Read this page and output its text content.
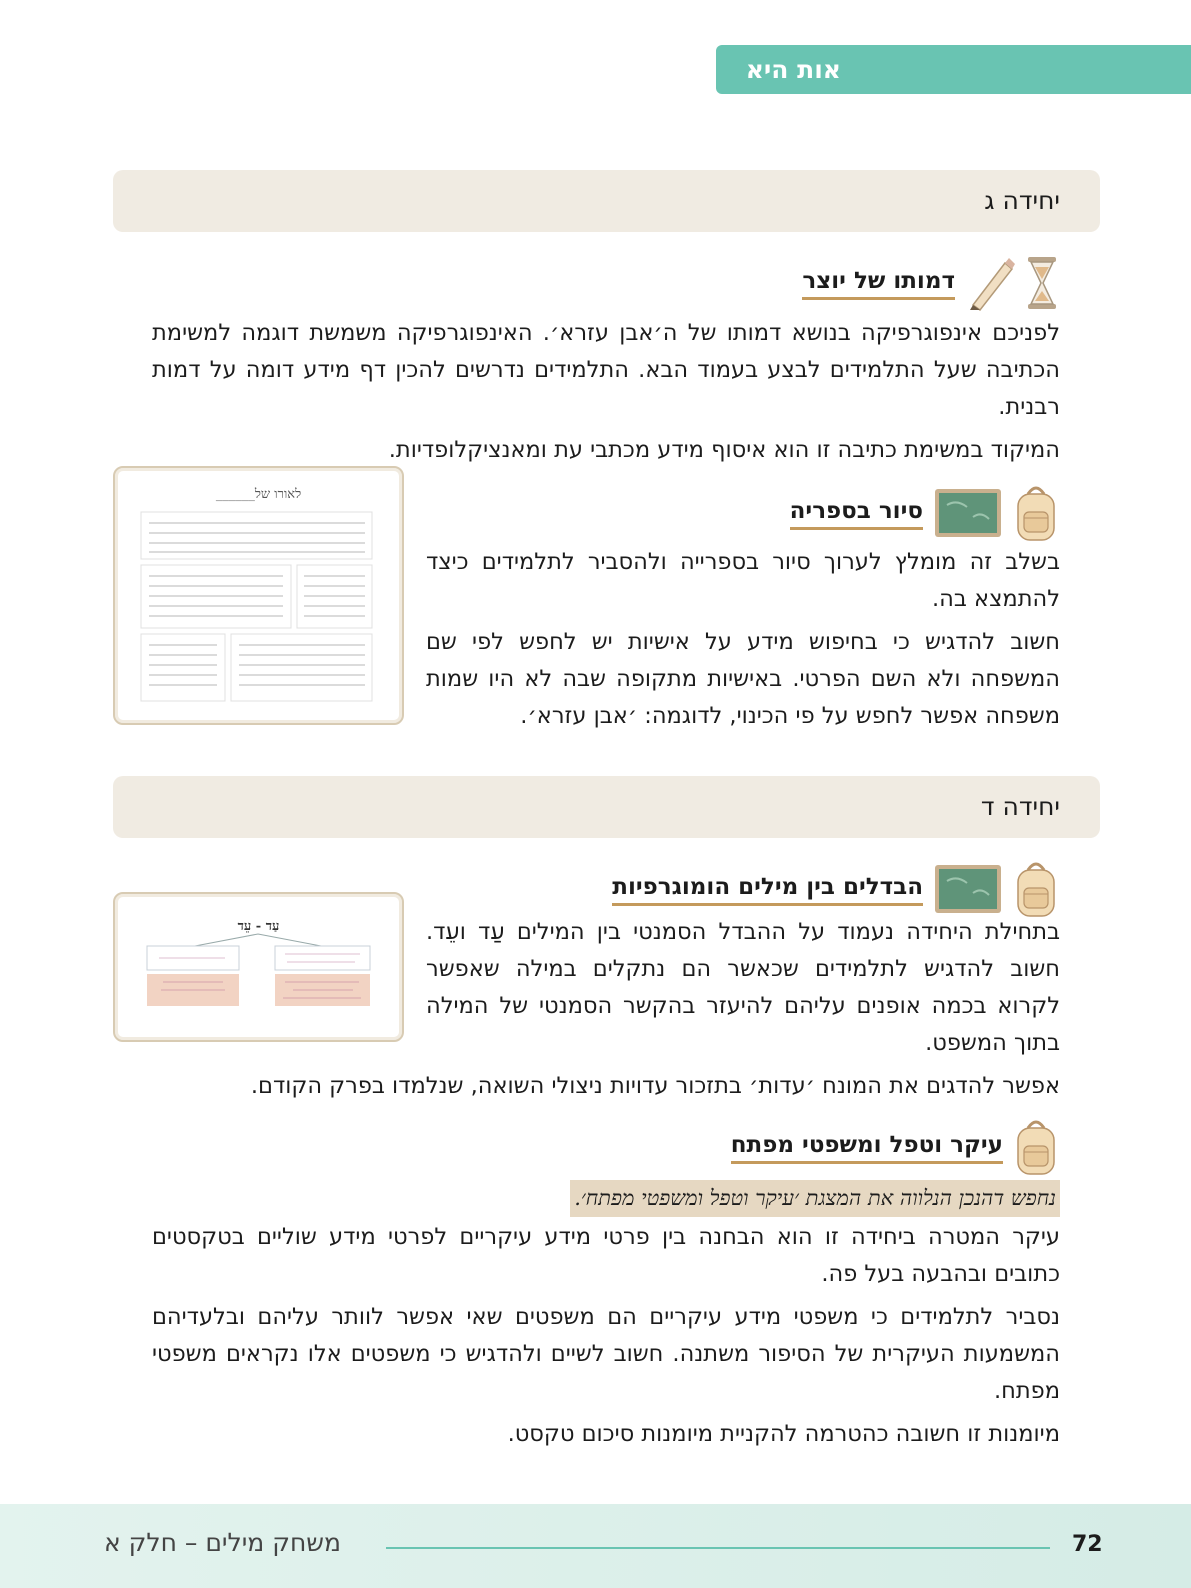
אות היא
יחידה ג
דמותו של יוצר

לפניכם אינפוגרפיקה בנושא דמותו של ה׳אבן עזרא׳. האינפוגרפיקה משמשת דוגמה למשימת הכתיבה שעל התלמידים לבצע בעמוד הבא. התלמידים נדרשים להכין דף מידע דומה על דמות רבנית.

המיקוד במשימת כתיבה זו הוא איסוף מידע מכתבי עת ומאנציקלופדיות.

לאורו של______
סיור בספריה

בשלב זה מומלץ לערוך סיור בספרייה ולהסביר לתלמידים כיצד להתמצא בה.

חשוב להדגיש כי בחיפוש מידע על אישיות יש לחפש לפי שם המשפחה ולא השם הפרטי. באישיות מתקופה שבה לא היו שמות משפחה אפשר לחפש על פי הכינוי, לדוגמה: ׳אבן עזרא׳.

יחידה ד
הבדלים בין מילים הומוגרפיות

בתחילת היחידה נעמוד על ההבדל הסמנטי בין המילים עַד ועֵד. חשוב להדגיש לתלמידים שכאשר הם נתקלים במילה שאפשר לקרוא בכמה אופנים עליהם להיעזר בהקשר הסמנטי של המילה בתוך המשפט.

אפשר להדגים את המונח ׳עדות׳ בתזכור עדויות ניצולי השואה, שנלמדו בפרק הקודם.

עַד - עֵד
עיקר וטפל ומשפטי מפתח

נחפש דהנכן הנלווה את המצגת ׳עיקר וטפל ומשפטי מפתח׳.

עיקר המטרה ביחידה זו הוא הבחנה בין פרטי מידע עיקריים לפרטי מידע שוליים בטקסטים כתובים ובהבעה בעל פה.

נסביר לתלמידים כי משפטי מידע עיקריים הם משפטים שאי אפשר לוותר עליהם ובלעדיהם המשמעות העיקרית של הסיפור משתנה. חשוב לשיים ולהדגיש כי משפטים אלו נקראים משפטי מפתח.

מיומנות זו חשובה כהטרמה להקניית מיומנות סיכום טקסט.

72
משחק מילים – חלק א
